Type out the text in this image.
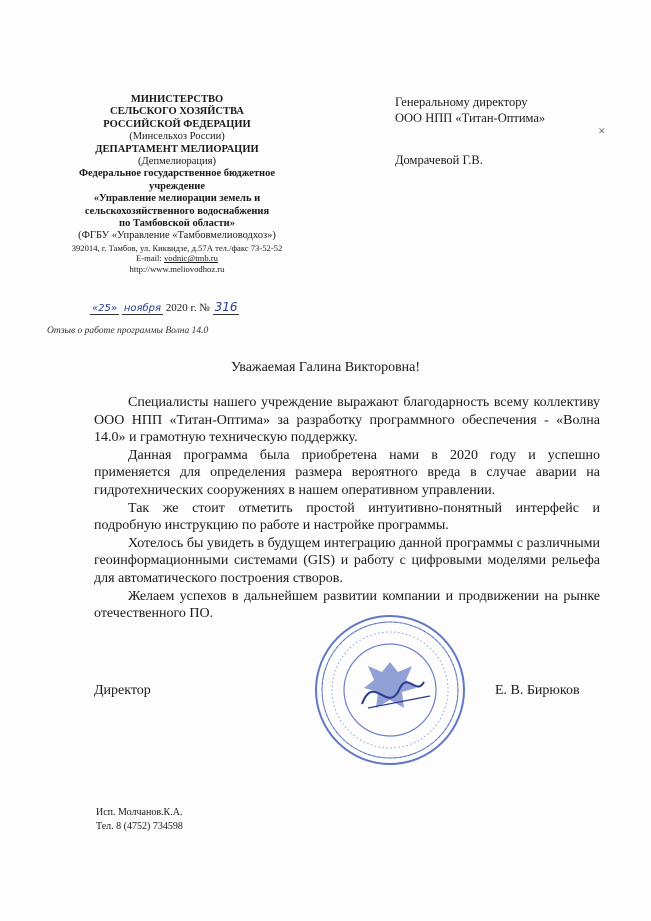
МИНИСТЕРСТВО
СЕЛЬСКОГО ХОЗЯЙСТВА
РОССИЙСКОЙ ФЕДЕРАЦИИ
(Минсельхоз России)
ДЕПАРТАМЕНТ МЕЛИОРАЦИИ
(Депмелиорация)
Федеральное государственное бюджетное
учреждение
«Управление мелиорации земель и
сельскохозяйственного водоснабжения
по Тамбовской области»
(ФГБУ «Управление «Тамбовмелиоводхоз»)
392014, г. Тамбов, ул. Киквидзе, д.57А тел./факс 73-52-52
E-mail: vodnic@tmb.ru
http://www.meliovodhoz.ru
«25» ноября 2020 г. № 316
Отзыв о работе программы Волна 14.0
Генеральному директору
ООО НПП «Титан-Оптима»
Домрачевой Г.В.
✕
Уважаемая Галина Викторовна!

Специалисты нашего учреждение выражают благодарность всему коллективу ООО НПП «Титан-Оптима» за разработку программного обеспечения - «Волна 14.0» и грамотную техническую поддержку.

Данная программа была приобретена нами в 2020 году и успешно применяется для определения размера вероятного вреда в случае аварии на гидротехнических сооружениях в нашем оперативном управлении.

Так же стоит отметить простой интуитивно-понятный интерфейс и подробную инструкцию по работе и настройке программы.

Хотелось бы увидеть в будущем интеграцию данной программы с различными геоинформационными системами (GIS) и работу с цифровыми моделями рельефа для автоматического построения створов.

Желаем успехов в дальнейшем развитии компании и продвижении на рынке отечественного ПО.

Директор	Е. В. Бирюков
Исп. Молчанов.К.А.
Тел. 8 (4752) 734598
